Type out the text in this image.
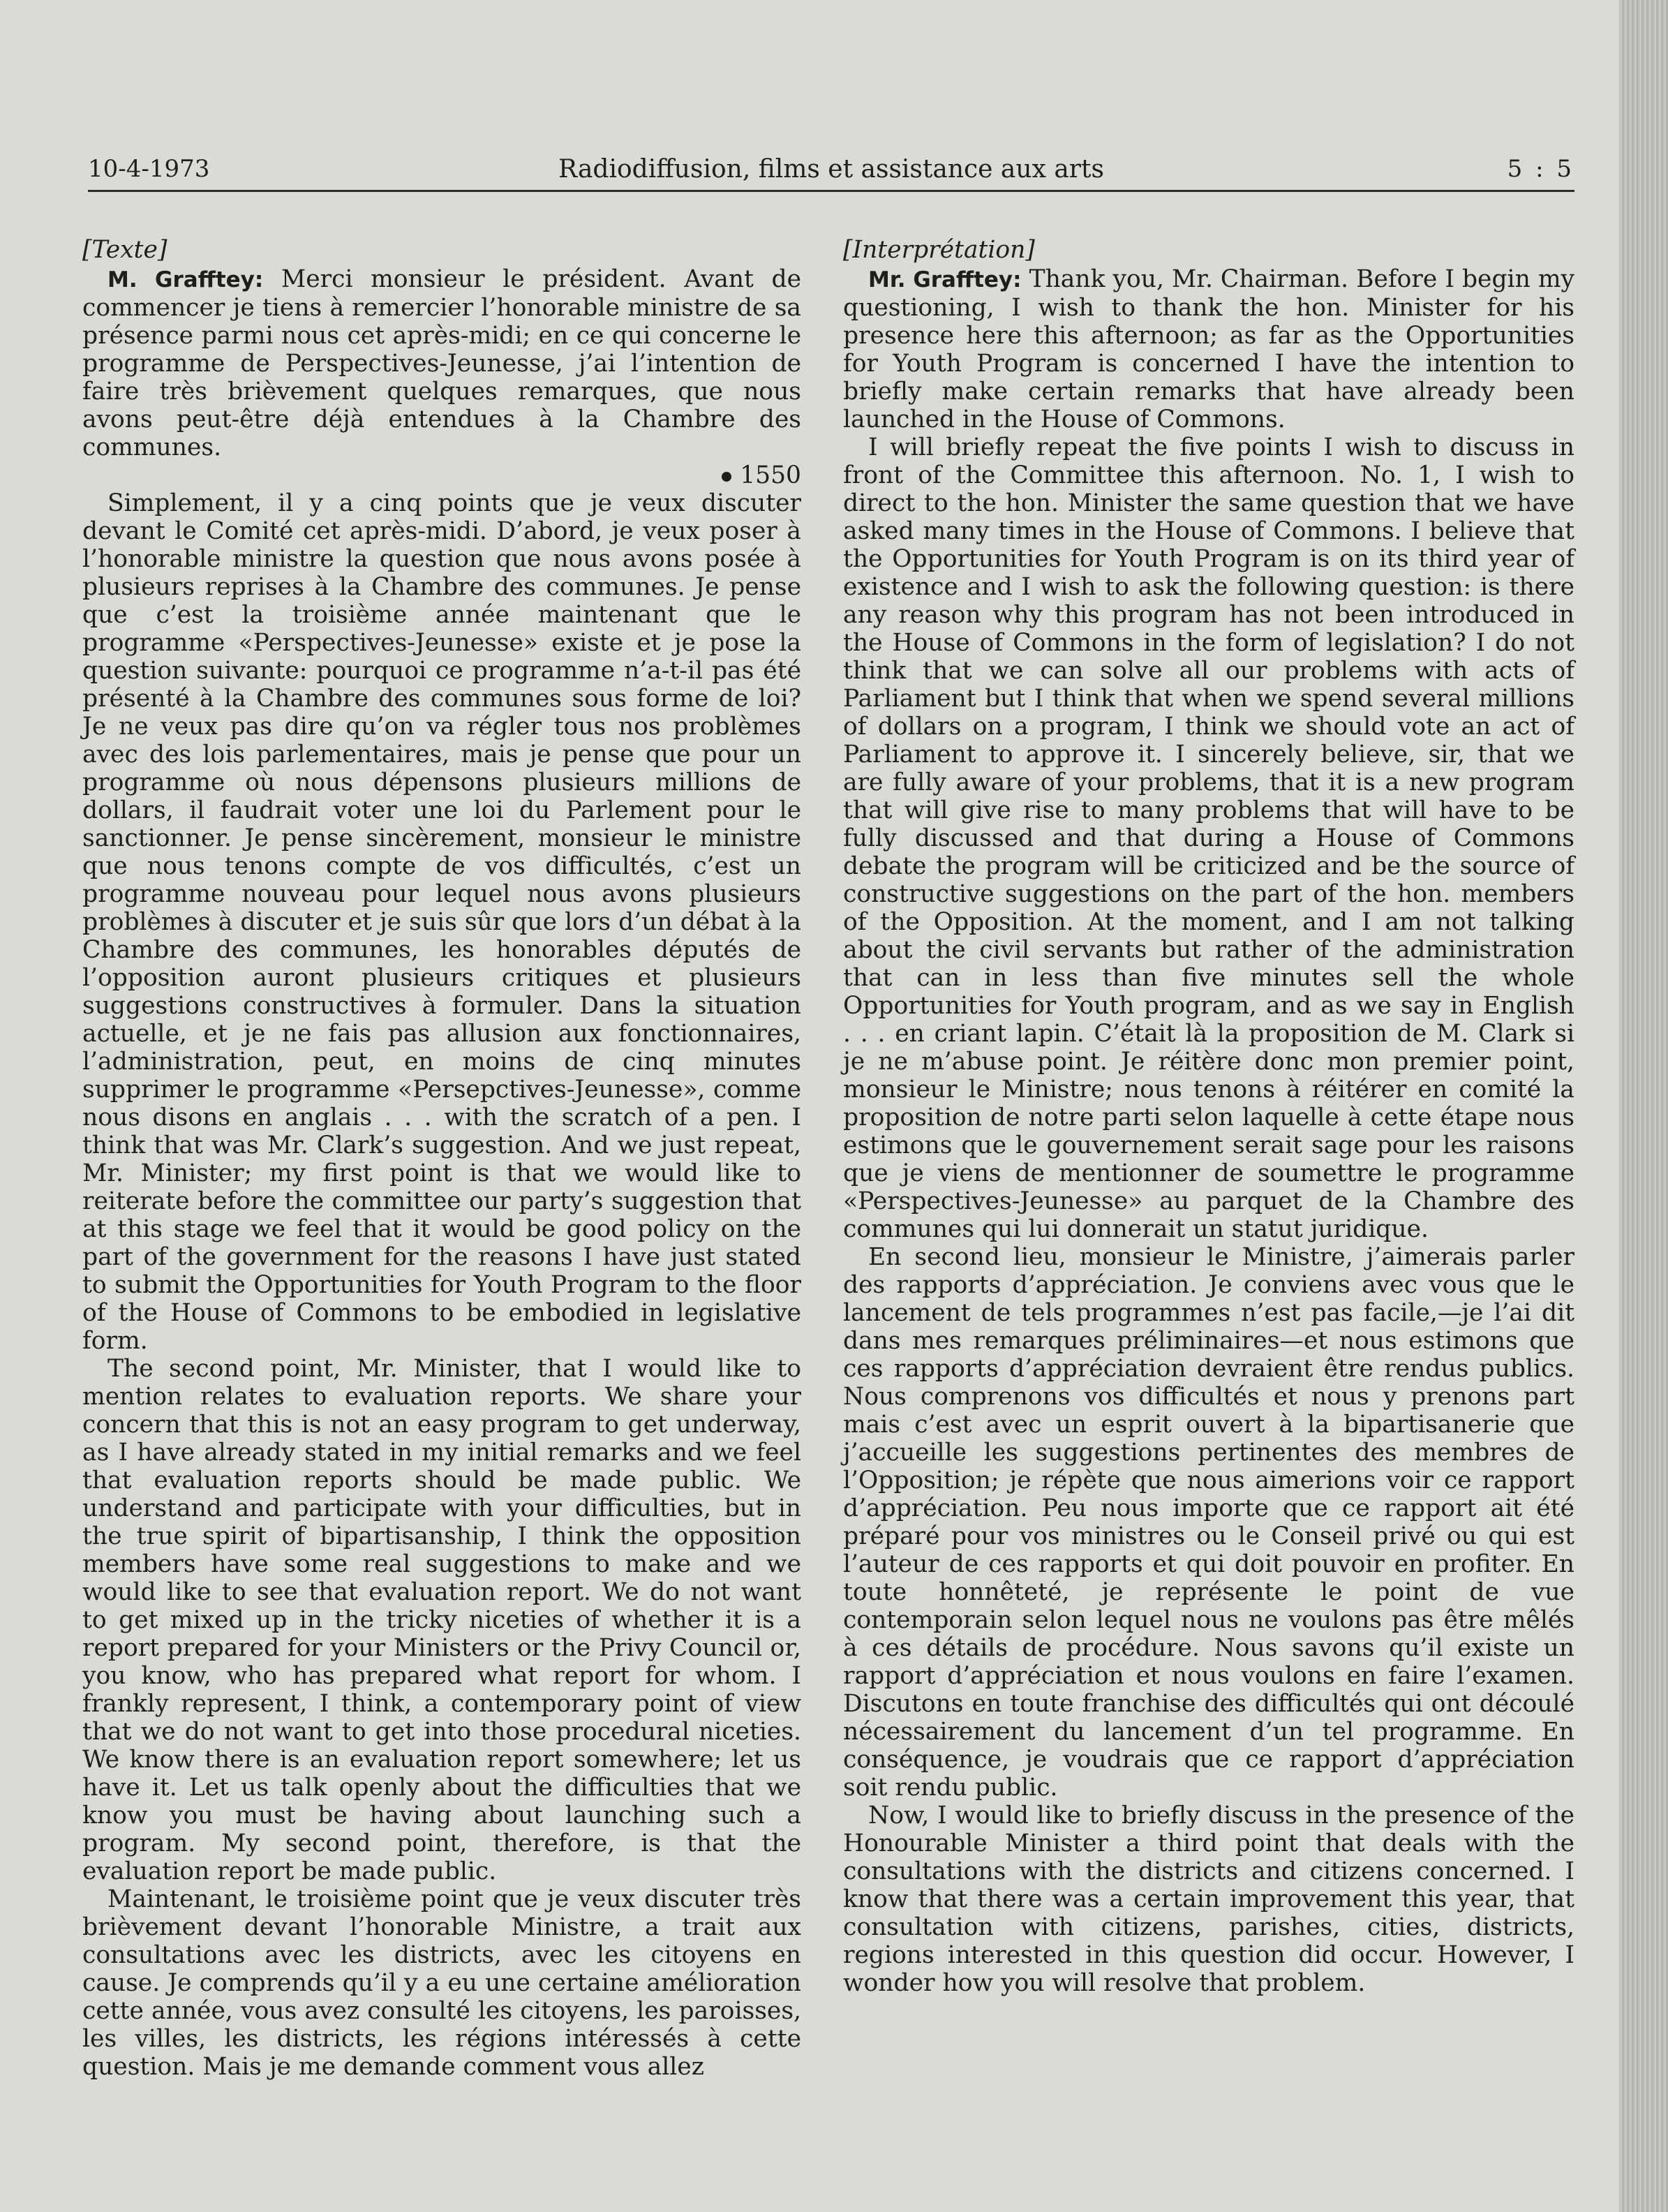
10-4-1973	Radiodiffusion, films et assistance aux arts	5 : 5
[Texte]

M. Grafftey: Merci monsieur le président. Avant de commencer je tiens à remercier l’honorable ministre de sa présence parmi nous cet après-midi; en ce qui concerne le programme de Perspectives-Jeunesse, j’ai l’intention de faire très brièvement quelques remarques, que nous avons peut-être déjà entendues à la Chambre des communes.

1550

Simplement, il y a cinq points que je veux discuter devant le Comité cet après-midi. D’abord, je veux poser à l’honorable ministre la question que nous avons posée à plusieurs reprises à la Chambre des communes. Je pense que c’est la troisième année maintenant que le programme «Perspectives-Jeunesse» existe et je pose la question suivante: pourquoi ce programme n’a-t-il pas été présenté à la Chambre des communes sous forme de loi? Je ne veux pas dire qu’on va régler tous nos problèmes avec des lois parlementaires, mais je pense que pour un programme où nous dépensons plusieurs millions de dollars, il faudrait voter une loi du Parlement pour le sanctionner. Je pense sincèrement, monsieur le ministre que nous tenons compte de vos difficultés, c’est un programme nouveau pour lequel nous avons plusieurs problèmes à discuter et je suis sûr que lors d’un débat à la Chambre des communes, les honorables députés de l’opposition auront plusieurs critiques et plusieurs suggestions constructives à formuler. Dans la situation actuelle, et je ne fais pas allusion aux fonctionnaires, l’administration, peut, en moins de cinq minutes supprimer le programme «Persepctives-Jeunesse», comme nous disons en anglais . . . with the scratch of a pen. I think that was Mr. Clark’s suggestion. And we just repeat, Mr. Minister; my first point is that we would like to reiterate before the committee our party’s suggestion that at this stage we feel that it would be good policy on the part of the government for the reasons I have just stated to submit the Opportunities for Youth Program to the floor of the House of Commons to be embodied in legislative form.

The second point, Mr. Minister, that I would like to mention relates to evaluation reports. We share your concern that this is not an easy program to get underway, as I have already stated in my initial remarks and we feel that evaluation reports should be made public. We understand and participate with your difficulties, but in the true spirit of bipartisanship, I think the opposition members have some real suggestions to make and we would like to see that evaluation report. We do not want to get mixed up in the tricky niceties of whether it is a report prepared for your Ministers or the Privy Council or, you know, who has prepared what report for whom. I frankly represent, I think, a contemporary point of view that we do not want to get into those procedural niceties. We know there is an evaluation report somewhere; let us have it. Let us talk openly about the difficulties that we know you must be having about launching such a program. My second point, therefore, is that the evaluation report be made public.

Maintenant, le troisième point que je veux discuter très brièvement devant l’honorable Ministre, a trait aux consultations avec les districts, avec les citoyens en cause. Je comprends qu’il y a eu une certaine amélioration cette année, vous avez consulté les citoyens, les paroisses, les villes, les districts, les régions intéressés à cette question. Mais je me demande comment vous allez

[Interprétation]

Mr. Grafftey: Thank you, Mr. Chairman. Before I begin my questioning, I wish to thank the hon. Minister for his presence here this afternoon; as far as the Opportunities for Youth Program is concerned I have the intention to briefly make certain remarks that have already been launched in the House of Commons.

I will briefly repeat the five points I wish to discuss in front of the Committee this afternoon. No. 1, I wish to direct to the hon. Minister the same question that we have asked many times in the House of Commons. I believe that the Opportunities for Youth Program is on its third year of existence and I wish to ask the following question: is there any reason why this program has not been introduced in the House of Commons in the form of legislation? I do not think that we can solve all our problems with acts of Parliament but I think that when we spend several millions of dollars on a program, I think we should vote an act of Parliament to approve it. I sincerely believe, sir, that we are fully aware of your problems, that it is a new program that will give rise to many problems that will have to be fully discussed and that during a House of Commons debate the program will be criticized and be the source of constructive suggestions on the part of the hon. members of the Opposition. At the moment, and I am not talking about the civil servants but rather of the administration that can in less than five minutes sell the whole Opportunities for Youth program, and as we say in English . . . en criant lapin. C’était là la proposition de M. Clark si je ne m’abuse point. Je réitère donc mon premier point, monsieur le Ministre; nous tenons à réitérer en comité la proposition de notre parti selon laquelle à cette étape nous estimons que le gouvernement serait sage pour les raisons que je viens de mentionner de soumettre le programme «Perspectives-Jeunesse» au parquet de la Chambre des communes qui lui donnerait un statut juridique.

En second lieu, monsieur le Ministre, j’aimerais parler des rapports d’appréciation. Je conviens avec vous que le lancement de tels programmes n’est pas facile,—je l’ai dit dans mes remarques préliminaires—et nous estimons que ces rapports d’appréciation devraient être rendus publics. Nous comprenons vos difficultés et nous y prenons part mais c’est avec un esprit ouvert à la bipartisanerie que j’accueille les suggestions pertinentes des membres de l’Opposition; je répète que nous aimerions voir ce rapport d’appréciation. Peu nous importe que ce rapport ait été préparé pour vos ministres ou le Conseil privé ou qui est l’auteur de ces rapports et qui doit pouvoir en profiter. En toute honnêteté, je représente le point de vue contemporain selon lequel nous ne voulons pas être mêlés à ces détails de procédure. Nous savons qu’il existe un rapport d’appréciation et nous voulons en faire l’examen. Discutons en toute franchise des difficultés qui ont découlé nécessairement du lancement d’un tel programme. En conséquence, je voudrais que ce rapport d’appréciation soit rendu public.

Now, I would like to briefly discuss in the presence of the Honourable Minister a third point that deals with the consultations with the districts and citizens concerned. I know that there was a certain improvement this year, that consultation with citizens, parishes, cities, districts, regions interested in this question did occur. However, I wonder how you will resolve that problem.
